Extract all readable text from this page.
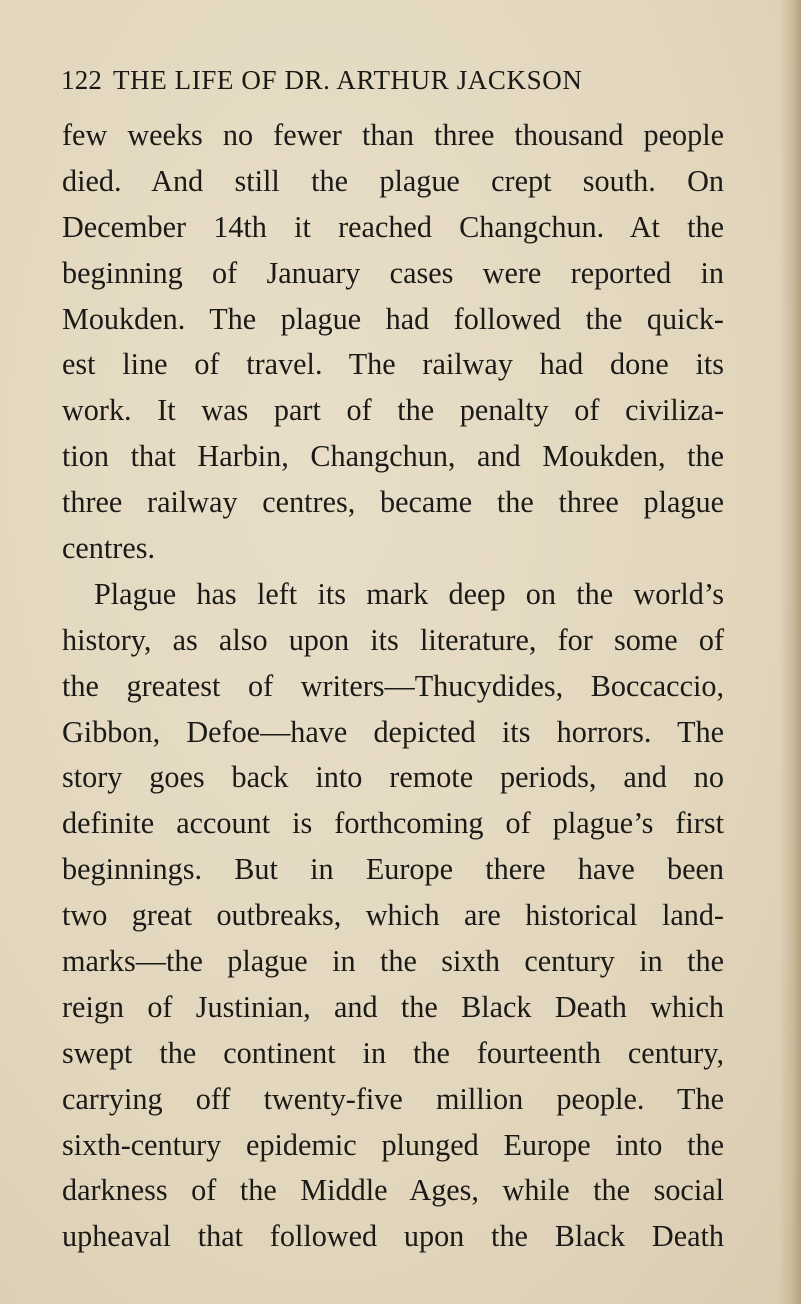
122 THE LIFE OF DR. ARTHUR JACKSON
few weeks no fewer than three thousand people
died. And still the plague crept south. On
December 14th it reached Changchun. At the
beginning of January cases were reported in
Moukden. The plague had followed the quick-
est line of travel. The railway had done its
work. It was part of the penalty of civiliza-
tion that Harbin, Changchun, and Moukden, the
three railway centres, became the three plague
centres.
Plague has left its mark deep on the world’s
history, as also upon its literature, for some of
the greatest of writers—Thucydides, Boccaccio,
Gibbon, Defoe—have depicted its horrors. The
story goes back into remote periods, and no
definite account is forthcoming of plague’s first
beginnings. But in Europe there have been
two great outbreaks, which are historical land-
marks—the plague in the sixth century in the
reign of Justinian, and the Black Death which
swept the continent in the fourteenth century,
carrying off twenty-five million people. The
sixth-century epidemic plunged Europe into the
darkness of the Middle Ages, while the social
upheaval that followed upon the Black Death
